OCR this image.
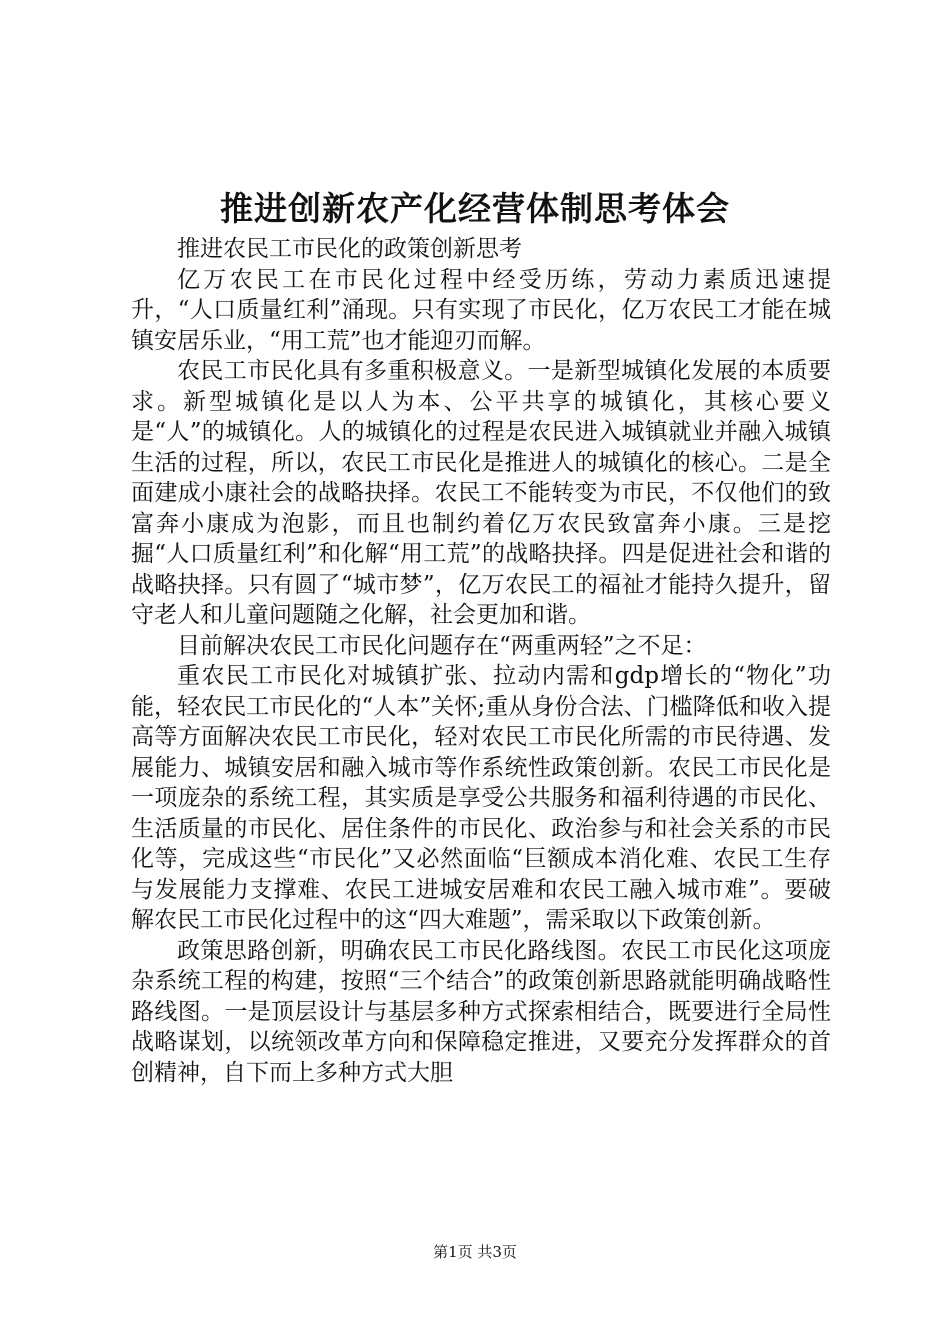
推进创新农产化经营体制思考体会

推进农民工市民化的政策创新思考

亿万农民工在市民化过程中经受历练，劳动力素质迅速提升，“人口质量红利”涌现。只有实现了市民化，亿万农民工才能在城镇安居乐业，“用工荒”也才能迎刃而解。

农民工市民化具有多重积极意义。一是新型城镇化发展的本质要求。新型城镇化是以人为本、公平共享的城镇化，其核心要义是“人”的城镇化。人的城镇化的过程是农民进入城镇就业并融入城镇生活的过程，所以，农民工市民化是推进人的城镇化的核心。二是全面建成小康社会的战略抉择。农民工不能转变为市民，不仅他们的致富奔小康成为泡影，而且也制约着亿万农民致富奔小康。三是挖掘“人口质量红利”和化解“用工荒”的战略抉择。四是促进社会和谐的战略抉择。只有圆了“城市梦”，亿万农民工的福祉才能持久提升，留守老人和儿童问题随之化解，社会更加和谐。

目前解决农民工市民化问题存在“两重两轻”之不足：

重农民工市民化对城镇扩张、拉动内需和gdp增长的“物化”功能，轻农民工市民化的“人本”关怀;重从身份合法、门槛降低和收入提高等方面解决农民工市民化，轻对农民工市民化所需的市民待遇、发展能力、城镇安居和融入城市等作系统性政策创新。农民工市民化是一项庞杂的系统工程，其实质是享受公共服务和福利待遇的市民化、生活质量的市民化、居住条件的市民化、政治参与和社会关系的市民化等，完成这些“市民化”又必然面临“巨额成本消化难、农民工生存与发展能力支撑难、农民工进城安居难和农民工融入城市难”。要破解农民工市民化过程中的这“四大难题”，需采取以下政策创新。

政策思路创新，明确农民工市民化路线图。农民工市民化这项庞杂系统工程的构建，按照“三个结合”的政策创新思路就能明确战略性路线图。一是顶层设计与基层多种方式探索相结合，既要进行全局性战略谋划，以统领改革方向和保障稳定推进，又要充分发挥群众的首创精神，自下而上多种方式大胆

第1页 共3页
